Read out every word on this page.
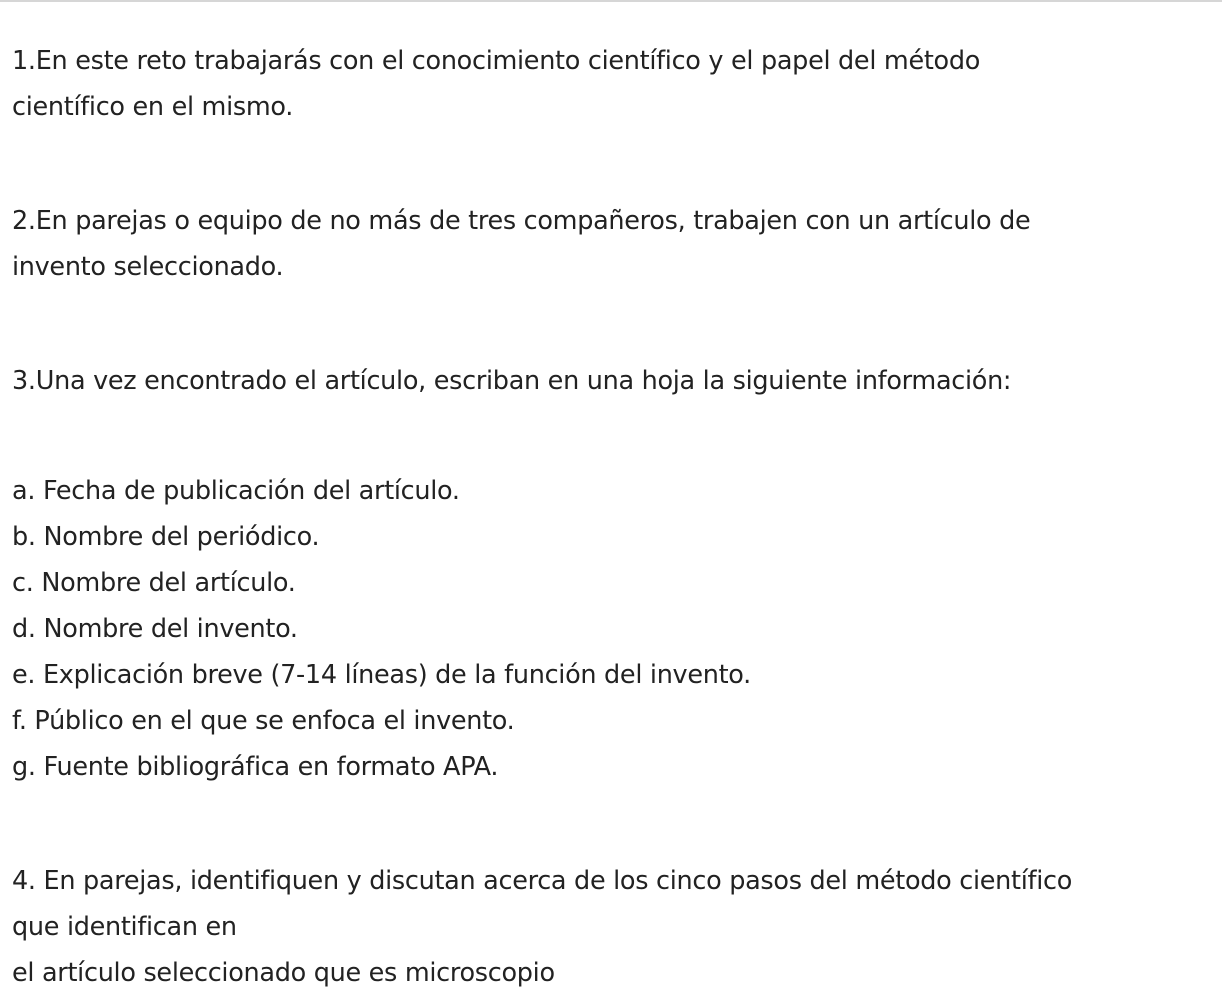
1.En este reto trabajarás con el conocimiento científico y el papel del método
científico en el mismo.
2.En parejas o equipo de no más de tres compañeros, trabajen con un artículo de
invento seleccionado.
3.Una vez encontrado el artículo, escriban en una hoja la siguiente información:
a. Fecha de publicación del artículo.
b. Nombre del periódico.
c. Nombre del artículo.
d. Nombre del invento.
e. Explicación breve (7-14 líneas) de la función del invento.
f. Público en el que se enfoca el invento.
g. Fuente bibliográfica en formato APA.
4. En parejas, identifiquen y discutan acerca de los cinco pasos del método científico
que identifican en
el artículo seleccionado que es microscopio
